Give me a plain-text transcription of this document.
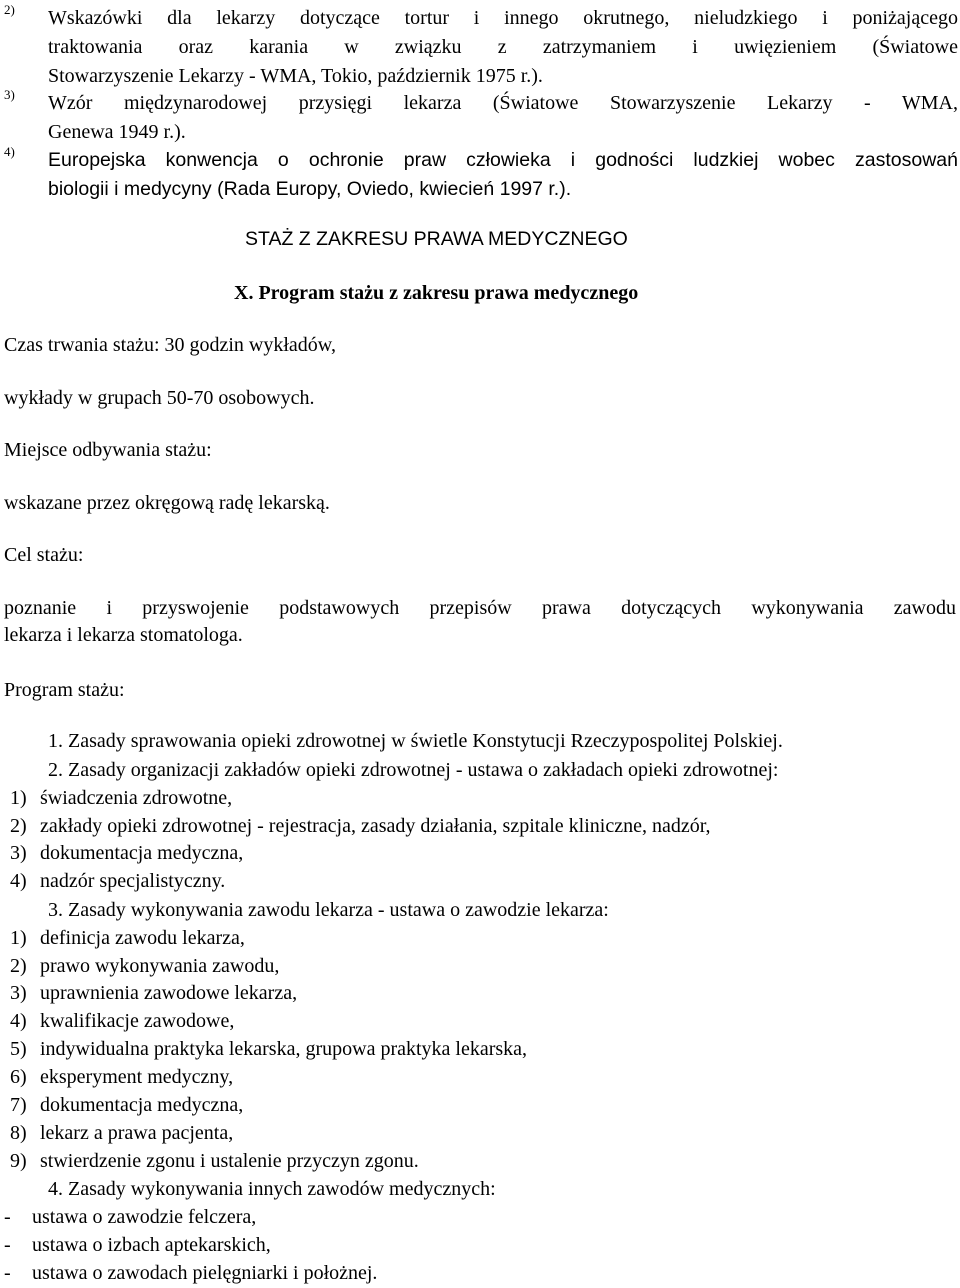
2) Wskazówki dla lekarzy dotyczące tortur i innego okrutnego, nieludzkiego i poniżającego

traktowania oraz karania w związku z zatrzymaniem i uwięzieniem (Światowe

Stowarzyszenie Lekarzy - WMA, Tokio, październik 1975 r.).

3) Wzór międzynarodowej przysięgi lekarza (Światowe Stowarzyszenie Lekarzy - WMA,

Genewa 1949 r.).

4) Europejska konwencja o ochronie praw człowieka i godności ludzkiej wobec zastosowań

biologii i medycyny (Rada Europy, Oviedo, kwiecień 1997 r.).

STAŻ Z ZAKRESU PRAWA MEDYCZNEGO
X. Program stażu z zakresu prawa medycznego
Czas trwania stażu: 30 godzin wykładów,
wykłady w grupach 50-70 osobowych.
Miejsce odbywania stażu:
wskazane przez okręgową radę lekarską.
Cel stażu:
poznanie i przyswojenie podstawowych przepisów prawa dotyczących wykonywania zawodu
lekarza i lekarza stomatologa.
Program stażu:
1. Zasady sprawowania opieki zdrowotnej w świetle Konstytucji Rzeczypospolitej Polskiej.
2. Zasady organizacji zakładów opieki zdrowotnej - ustawa o zakładach opieki zdrowotnej:
1) świadczenia zdrowotne,
2) zakłady opieki zdrowotnej - rejestracja, zasady działania, szpitale kliniczne, nadzór,
3) dokumentacja medyczna,
4) nadzór specjalistyczny.
3. Zasady wykonywania zawodu lekarza - ustawa o zawodzie lekarza:
1) definicja zawodu lekarza,
2) prawo wykonywania zawodu,
3) uprawnienia zawodowe lekarza,
4) kwalifikacje zawodowe,
5) indywidualna praktyka lekarska, grupowa praktyka lekarska,
6) eksperyment medyczny,
7) dokumentacja medyczna,
8) lekarz a prawa pacjenta,
9) stwierdzenie zgonu i ustalenie przyczyn zgonu.
4. Zasady wykonywania innych zawodów medycznych:
- ustawa o zawodzie felczera,
- ustawa o izbach aptekarskich,
- ustawa o zawodach pielęgniarki i położnej.
